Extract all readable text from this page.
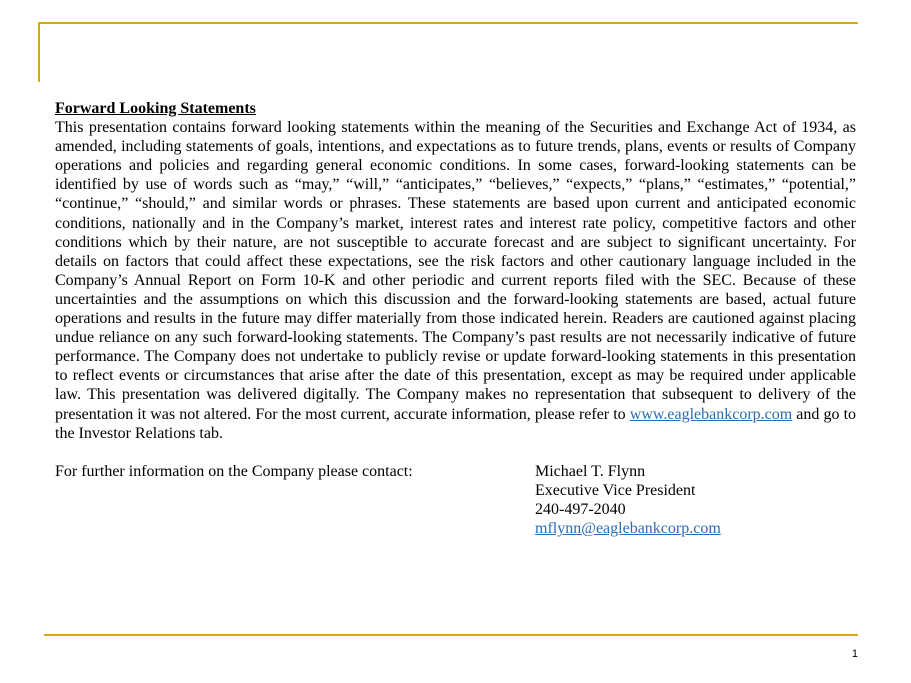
Forward Looking Statements

This presentation contains forward looking statements within the meaning of the Securities and Exchange Act of 1934, as amended, including statements of goals, intentions, and expectations as to future trends, plans, events or results of Company operations and policies and regarding general economic conditions. In some cases, forward-looking statements can be identified by use of words such as “may,” “will,” “anticipates,” “believes,” “expects,” “plans,” “estimates,” “potential,” “continue,” “should,” and similar words or phrases. These statements are based upon current and anticipated economic conditions, nationally and in the Company’s market, interest rates and interest rate policy, competitive factors and other conditions which by their nature, are not susceptible to accurate forecast and are subject to significant uncertainty. For details on factors that could affect these expectations, see the risk factors and other cautionary language included in the Company’s Annual Report on Form 10-K and other periodic and current reports filed with the SEC. Because of these uncertainties and the assumptions on which this discussion and the forward-looking statements are based, actual future operations and results in the future may differ materially from those indicated herein. Readers are cautioned against placing undue reliance on any such forward-looking statements. The Company’s past results are not necessarily indicative of future performance. The Company does not undertake to publicly revise or update forward-looking statements in this presentation to reflect events or circumstances that arise after the date of this presentation, except as may be required under applicable law. This presentation was delivered digitally. The Company makes no representation that subsequent to delivery of the presentation it was not altered. For the most current, accurate information, please refer to www.eaglebankcorp.com and go to the Investor Relations tab.

For further information on the Company please contact:	Michael T. Flynn
Executive Vice President
240-497-2040
mflynn@eaglebankcorp.com
1
